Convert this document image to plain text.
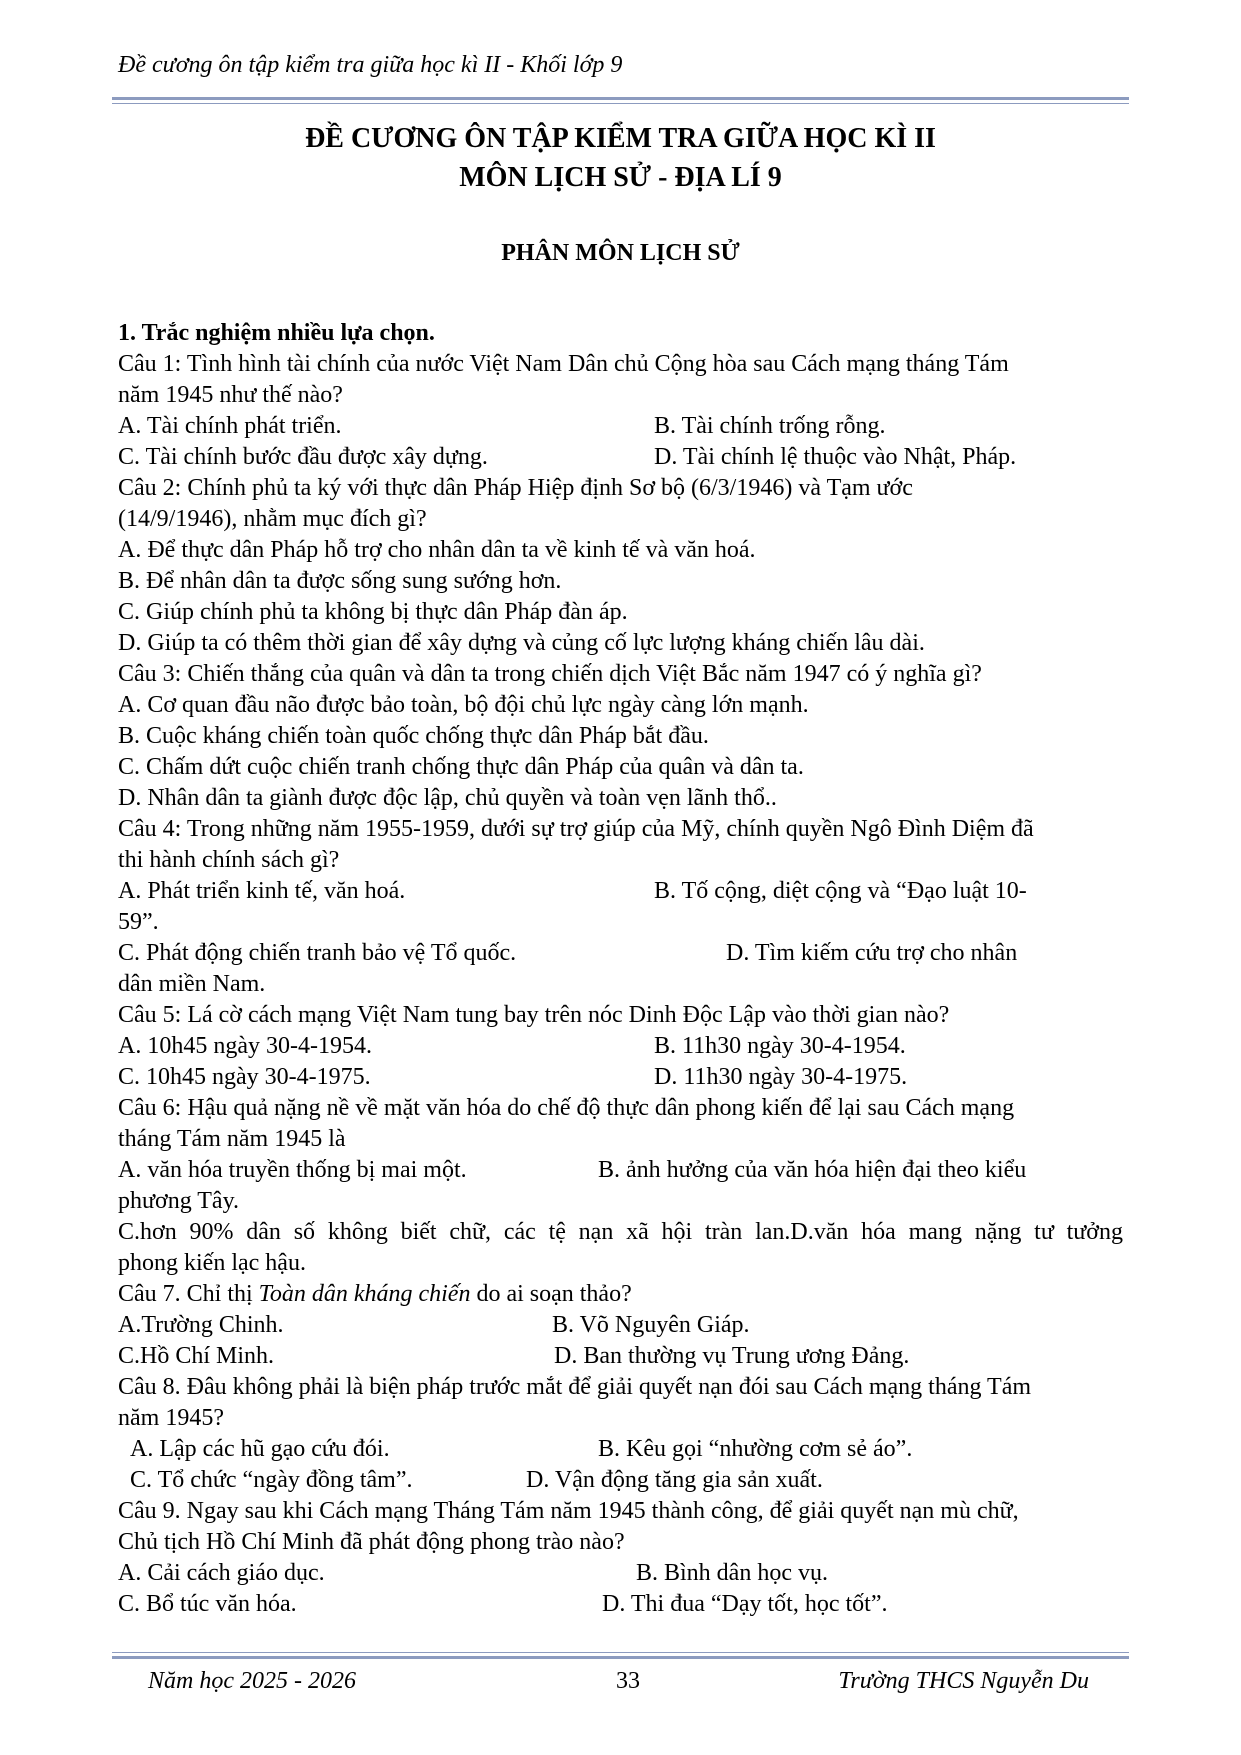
Đề cương ôn tập kiểm tra giữa học kì II - Khối lớp 9
ĐỀ CƯƠNG ÔN TẬP KIỂM TRA GIỮA HỌC KÌ II
MÔN LỊCH SỬ - ĐỊA LÍ 9
PHÂN MÔN LỊCH SỬ

1. Trắc nghiệm nhiều lựa chọn.

Câu 1: Tình hình tài chính của nước Việt Nam Dân chủ Cộng hòa sau Cách mạng tháng Tám

năm 1945 như thế nào?

A. Tài chính phát triển.	B. Tài chính trống rỗng.
C. Tài chính bước đầu được xây dựng.	D. Tài chính lệ thuộc vào Nhật, Pháp.

Câu 2: Chính phủ ta ký với thực dân Pháp Hiệp định Sơ bộ (6/3/1946) và Tạm ước

(14/9/1946), nhằm mục đích gì?

A. Để thực dân Pháp hỗ trợ cho nhân dân ta về kinh tế và văn hoá.

B. Để nhân dân ta được sống sung sướng hơn.

C. Giúp chính phủ ta không bị thực dân Pháp đàn áp.

D. Giúp ta có thêm thời gian để xây dựng và củng cố lực lượng kháng chiến lâu dài.

Câu 3: Chiến thắng của quân và dân ta trong chiến dịch Việt Bắc năm 1947 có ý nghĩa gì?

A. Cơ quan đầu não được bảo toàn, bộ đội chủ lực ngày càng lớn mạnh.

B. Cuộc kháng chiến toàn quốc chống thực dân Pháp bắt đầu.

C. Chấm dứt cuộc chiến tranh chống thực dân Pháp của quân và dân ta.

D. Nhân dân ta giành được độc lập, chủ quyền và toàn vẹn lãnh thổ..

Câu 4: Trong những năm 1955-1959, dưới sự trợ giúp của Mỹ, chính quyền Ngô Đình Diệm đã

thi hành chính sách gì?

A. Phát triển kinh tế, văn hoá.	B. Tố cộng, diệt cộng và “Đạo luật 10-

59”.

C. Phát động chiến tranh bảo vệ Tổ quốc.	D. Tìm kiếm cứu trợ cho nhân

dân miền Nam.

Câu 5: Lá cờ cách mạng Việt Nam tung bay trên nóc Dinh Độc Lập vào thời gian nào?

A. 10h45 ngày 30-4-1954.	B. 11h30 ngày 30-4-1954.
C. 10h45 ngày 30-4-1975.	D. 11h30 ngày 30-4-1975.

Câu 6: Hậu quả nặng nề về mặt văn hóa do chế độ thực dân phong kiến để lại sau Cách mạng

tháng Tám năm 1945 là

A. văn hóa truyền thống bị mai một.	B. ảnh hưởng của văn hóa hiện đại theo kiểu

phương Tây.

C.hơn 90% dân số không biết chữ, các tệ nạn xã hội tràn lan.D.văn hóa mang nặng tư tưởng

phong kiến lạc hậu.

Câu 7. Chỉ thị Toàn dân kháng chiến do ai soạn thảo?

A.Trường Chinh.	B. Võ Nguyên Giáp.
C.Hồ Chí Minh.	D. Ban thường vụ Trung ương Đảng.

Câu 8. Đâu không phải là biện pháp trước mắt để giải quyết nạn đói sau Cách mạng tháng Tám

năm 1945?

A. Lập các hũ gạo cứu đói.	B. Kêu gọi “nhường cơm sẻ áo”.
C. Tổ chức “ngày đồng tâm”.	D. Vận động tăng gia sản xuất.

Câu 9. Ngay sau khi Cách mạng Tháng Tám năm 1945 thành công, để giải quyết nạn mù chữ,

Chủ tịch Hồ Chí Minh đã phát động phong trào nào?

A. Cải cách giáo dục.	B. Bình dân học vụ.
C. Bổ túc văn hóa.	D. Thi đua “Dạy tốt, học tốt”.
Năm học 2025 - 2026	33	Trường THCS Nguyễn Du
